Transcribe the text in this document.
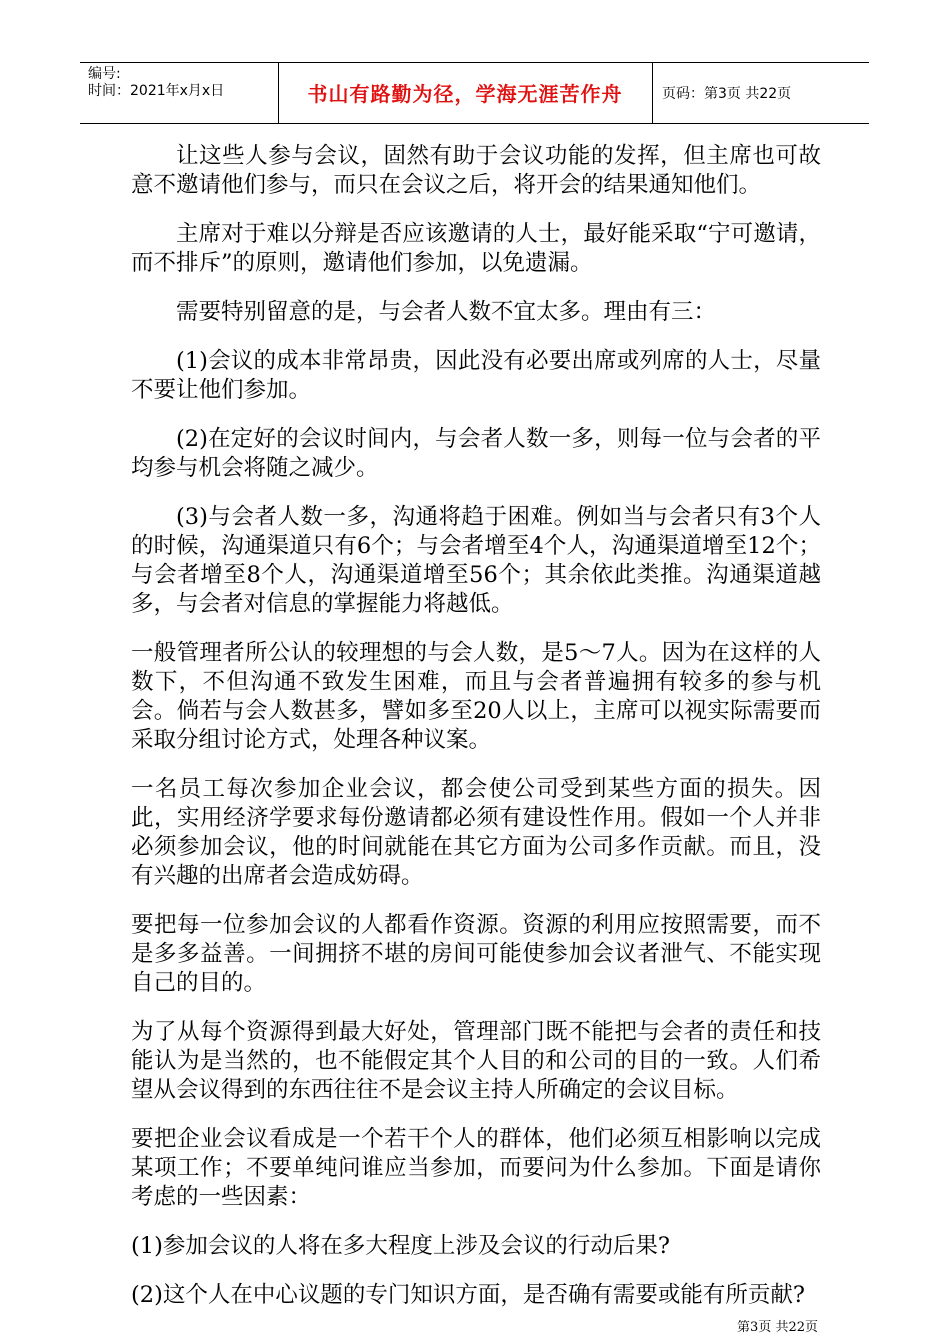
编号:
时间：2021年x月x日	书山有路勤为径，学海无涯苦作舟	页码：第3页 共22页

让这些人参与会议，固然有助于会议功能的发挥，但主席也可故意不邀请他们参与，而只在会议之后，将开会的结果通知他们。

主席对于难以分辩是否应该邀请的人士，最好能采取“宁可邀请，而不排斥”的原则，邀请他们参加，以免遗漏。

需要特别留意的是，与会者人数不宜太多。理由有三：

(1)会议的成本非常昂贵，因此没有必要出席或列席的人士，尽量不要让他们参加。

(2)在定好的会议时间内，与会者人数一多，则每一位与会者的平均参与机会将随之减少。

(3)与会者人数一多，沟通将趋于困难。例如当与会者只有3个人的时候，沟通渠道只有6个；与会者增至4个人，沟通渠道增至12个；与会者增至8个人，沟通渠道增至56个；其余依此类推。沟通渠道越多，与会者对信息的掌握能力将越低。

一般管理者所公认的较理想的与会人数，是5～7人。因为在这样的人数下，不但沟通不致发生困难，而且与会者普遍拥有较多的参与机会。倘若与会人数甚多，譬如多至20人以上，主席可以视实际需要而采取分组讨论方式，处理各种议案。

一名员工每次参加企业会议，都会使公司受到某些方面的损失。因此，实用经济学要求每份邀请都必须有建设性作用。假如一个人并非必须参加会议，他的时间就能在其它方面为公司多作贡献。而且，没有兴趣的出席者会造成妨碍。

要把每一位参加会议的人都看作资源。资源的利用应按照需要，而不是多多益善。一间拥挤不堪的房间可能使参加会议者泄气、不能实现自己的目的。

为了从每个资源得到最大好处，管理部门既不能把与会者的责任和技能认为是当然的，也不能假定其个人目的和公司的目的一致。人们希望从会议得到的东西往往不是会议主持人所确定的会议目标。

要把企业会议看成是一个若干个人的群体，他们必须互相影响以完成某项工作；不要单纯问谁应当参加，而要问为什么参加。下面是请你考虑的一些因素：

(1)参加会议的人将在多大程度上涉及会议的行动后果?

(2)这个人在中心议题的专门知识方面，是否确有需要或能有所贡献?

第3页 共22页
